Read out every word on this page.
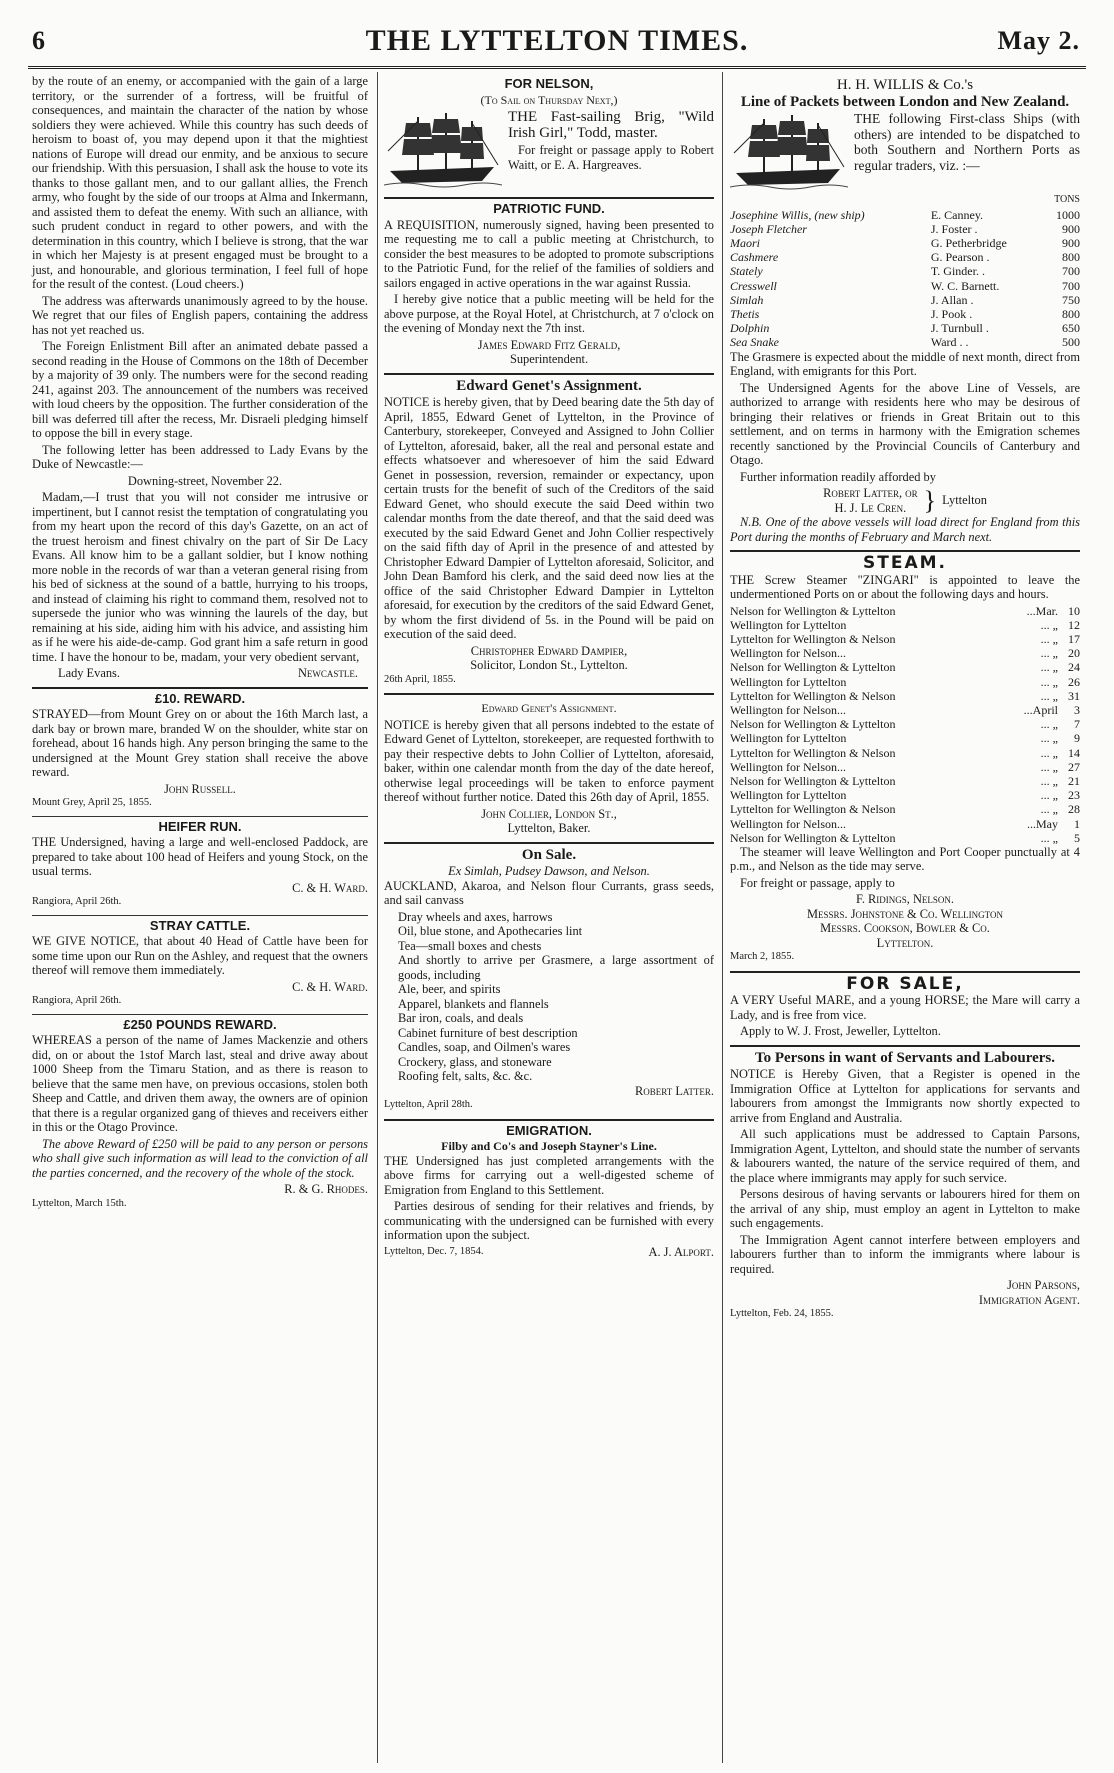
6	THE LYTTELTON TIMES.	May 2.

by the route of an enemy, or accompanied with the gain of a large territory, or the surrender of a fortress, will be fruitful of consequences, and maintain the character of the nation by whose soldiers they were achieved. While this country has such deeds of heroism to boast of, you may depend upon it that the mightiest nations of Europe will dread our enmity, and be anxious to secure our friendship. With this persuasion, I shall ask the house to vote its thanks to those gallant men, and to our gallant allies, the French army, who fought by the side of our troops at Alma and Inkermann, and assisted them to defeat the enemy. With such an alliance, with such prudent conduct in regard to other powers, and with the determination in this country, which I believe is strong, that the war in which her Majesty is at present engaged must be brought to a just, and honourable, and glorious termination, I feel full of hope for the result of the contest. (Loud cheers.)

The address was afterwards unanimously agreed to by the house. We regret that our files of English papers, containing the address has not yet reached us.

The Foreign Enlistment Bill after an animated debate passed a second reading in the House of Commons on the 18th of December by a majority of 39 only. The numbers were for the second reading 241, against 203. The announcement of the numbers was received with loud cheers by the opposition. The further consideration of the bill was deferred till after the recess, Mr. Disraeli pledging himself to oppose the bill in every stage.

The following letter has been addressed to Lady Evans by the Duke of Newcastle:—

Downing-street, November 22.

Madam,—I trust that you will not consider me intrusive or impertinent, but I cannot resist the temptation of congratulating you from my heart upon the record of this day's Gazette, on an act of the truest heroism and finest chivalry on the part of Sir De Lacy Evans. All know him to be a gallant soldier, but I know nothing more noble in the records of war than a veteran general rising from his bed of sickness at the sound of a battle, hurrying to his troops, and instead of claiming his right to command them, resolved not to supersede the junior who was winning the laurels of the day, but remaining at his side, aiding him with his advice, and assisting him as if he were his aide-de-camp. God grant him a safe return in good time. I have the honour to be, madam, your very obedient servant,

Lady Evans.	Newcastle.
£10. REWARD.

STRAYED—from Mount Grey on or about the 16th March last, a dark bay or brown mare, branded W on the shoulder, white star on forehead, about 16 hands high. Any person bringing the same to the undersigned at the Mount Grey station shall receive the above reward.

John Russell.

Mount Grey, April 25, 1855.

HEIFER RUN.

THE Undersigned, having a large and well-enclosed Paddock, are prepared to take about 100 head of Heifers and young Stock, on the usual terms.

C. & H. Ward.

Rangiora, April 26th.

STRAY CATTLE.

WE GIVE NOTICE, that about 40 Head of Cattle have been for some time upon our Run on the Ashley, and request that the owners thereof will remove them immediately.

C. & H. Ward.

Rangiora, April 26th.

£250 POUNDS REWARD.

WHEREAS a person of the name of James Mackenzie and others did, on or about the 1stof March last, steal and drive away about 1000 Sheep from the Timaru Station, and as there is reason to believe that the same men have, on previous occasions, stolen both Sheep and Cattle, and driven them away, the owners are of opinion that there is a regular organized gang of thieves and receivers either in this or the Otago Province.

The above Reward of £250 will be paid to any person or persons who shall give such information as will lead to the conviction of all the parties concerned, and the recovery of the whole of the stock.

R. & G. Rhodes.

Lyttelton, March 15th.

FOR NELSON,
(To Sail on Thursday Next,)

THE Fast-sailing Brig, "Wild Irish Girl," Todd, master.

For freight or passage apply to Robert Waitt, or E. A. Hargreaves.

PATRIOTIC FUND.

A REQUISITION, numerously signed, having been presented to me requesting me to call a public meeting at Christchurch, to consider the best measures to be adopted to promote subscriptions to the Patriotic Fund, for the relief of the families of soldiers and sailors engaged in active operations in the war against Russia.

I hereby give notice that a public meeting will be held for the above purpose, at the Royal Hotel, at Christchurch, at 7 o'clock on the evening of Monday next the 7th inst.

James Edward Fitz Gerald,

Superintendent.

Edward Genet's Assignment.

NOTICE is hereby given, that by Deed bearing date the 5th day of April, 1855, Edward Genet of Lyttelton, in the Province of Canterbury, storekeeper, Conveyed and Assigned to John Collier of Lyttelton, aforesaid, baker, all the real and personal estate and effects whatsoever and wheresoever of him the said Edward Genet in possession, reversion, remainder or expectancy, upon certain trusts for the benefit of such of the Creditors of the said Edward Genet, who should execute the said Deed within two calendar months from the date thereof, and that the said deed was executed by the said Edward Genet and John Collier respectively on the said fifth day of April in the presence of and attested by Christopher Edward Dampier of Lyttelton aforesaid, Solicitor, and John Dean Bamford his clerk, and the said deed now lies at the office of the said Christopher Edward Dampier in Lyttelton aforesaid, for execution by the creditors of the said Edward Genet, by whom the first dividend of 5s. in the Pound will be paid on execution of the said deed.

Christopher Edward Dampier,

Solicitor, London St., Lyttelton.

26th April, 1855.

Edward Genet's Assignment.

NOTICE is hereby given that all persons indebted to the estate of Edward Genet of Lyttelton, storekeeper, are requested forthwith to pay their respective debts to John Collier of Lyttelton, aforesaid, baker, within one calendar month from the day of the date hereof, otherwise legal proceedings will be taken to enforce payment thereof without further notice. Dated this 26th day of April, 1855.

John Collier, London St.,

Lyttelton, Baker.

On Sale.
Ex Simlah, Pudsey Dawson, and Nelson.

AUCKLAND, Akaroa, and Nelson flour Currants, grass seeds, and sail canvass

Dray wheels and axes, harrows
Oil, blue stone, and Apothecaries lint
Tea—small boxes and chests
And shortly to arrive per Grasmere, a large assortment of goods, including
Ale, beer, and spirits
Apparel, blankets and flannels
Bar iron, coals, and deals
Cabinet furniture of best description
Candles, soap, and Oilmen's wares
Crockery, glass, and stoneware
Roofing felt, salts, &c. &c.

Robert Latter.

Lyttelton, April 28th.

EMIGRATION.
Filby and Co's and Joseph Stayner's Line.

THE Undersigned has just completed arrangements with the above firms for carrying out a well-digested scheme of Emigration from England to this Settlement.

Parties desirous of sending for their relatives and friends, by communicating with the undersigned can be furnished with every information upon the subject.

Lyttelton, Dec. 7, 1854.	A. J. Alport.
H. H. WILLIS & Co.'s
Line of Packets between London and New Zealand.

THE following First-class Ships (with others) are intended to be dispatched to both Southern and Northern Ports as regular traders, viz. :—

TONS
Josephine Willis, (new ship)	E. Canney.	1000
Joseph Fletcher	J. Foster .	900
Maori	G. Petherbridge	900
Cashmere	G. Pearson .	800
Stately	T. Ginder. .	700
Cresswell	W. C. Barnett.	700
Simlah	J. Allan .	750
Thetis	J. Pook .	800
Dolphin	J. Turnbull .	650
Sea Snake	Ward . .	500

The Grasmere is expected about the middle of next month, direct from England, with emigrants for this Port.

The Undersigned Agents for the above Line of Vessels, are authorized to arrange with residents here who may be desirous of bringing their relatives or friends in Great Britain out to this settlement, and on terms in harmony with the Emigration schemes recently sanctioned by the Provincial Councils of Canterbury and Otago.

Further information readily afforded by

Robert Latter, or
H. J. Le Cren. } Lyttelton

N.B. One of the above vessels will load direct for England from this Port during the months of February and March next.

STEAM.

THE Screw Steamer "ZINGARI" is appointed to leave the undermentioned Ports on or about the following days and hours.

Nelson for Wellington & Lyttelton	...Mar.	10
Wellington for Lyttelton	... „	12
Lyttelton for Wellington & Nelson	... „	17
Wellington for Nelson...	... „	20
Nelson for Wellington & Lyttelton	... „	24
Wellington for Lyttelton	... „	26
Lyttelton for Wellington & Nelson	... „	31
Wellington for Nelson...	...April	3
Nelson for Wellington & Lyttelton	... „	7
Wellington for Lyttelton	... „	9
Lyttelton for Wellington & Nelson	... „	14
Wellington for Nelson...	... „	27
Nelson for Wellington & Lyttelton	... „	21
Wellington for Lyttelton	... „	23
Lyttelton for Wellington & Nelson	... „	28
Wellington for Nelson...	...May	1
Nelson for Wellington & Lyttelton	... „	5

The steamer will leave Wellington and Port Cooper punctually at 4 p.m., and Nelson as the tide may serve.

For freight or passage, apply to

F. Ridings, Nelson.
Messrs. Johnstone & Co. Wellington
Messrs. Cookson, Bowler & Co.
Lyttelton.

March 2, 1855.

FOR SALE,

A VERY Useful MARE, and a young HORSE; the Mare will carry a Lady, and is free from vice.

Apply to W. J. Frost, Jeweller, Lyttelton.

To Persons in want of Servants and Labourers.

NOTICE is Hereby Given, that a Register is opened in the Immigration Office at Lyttelton for applications for servants and labourers from amongst the Immigrants now shortly expected to arrive from England and Australia.

All such applications must be addressed to Captain Parsons, Immigration Agent, Lyttelton, and should state the number of servants & labourers wanted, the nature of the service required of them, and the place where immigrants may apply for such service.

Persons desirous of having servants or labourers hired for them on the arrival of any ship, must employ an agent in Lyttelton to make such engagements.

The Immigration Agent cannot interfere between employers and labourers further than to inform the immigrants where labour is required.

John Parsons,

Immigration Agent.

Lyttelton, Feb. 24, 1855.
